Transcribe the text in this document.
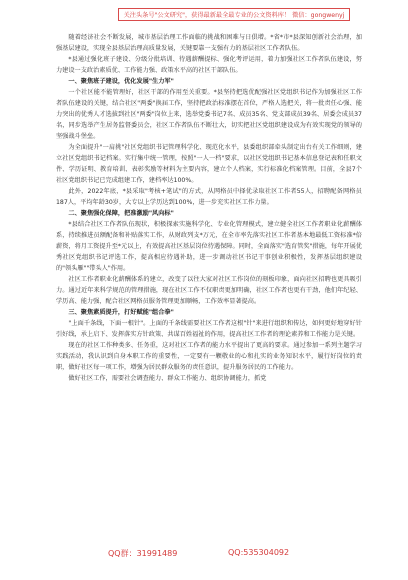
关注头条号"公文研究"，获得最新最全最专业的公文资料库！ 微信：gongwenyj

随着经济社会不断发展，城市基层治理工作面临的挑战和困难与日俱增。*省*市*县深知创新社会治理，加强基层建设，实现全县基层治理高质量发展，关键要靠一支强有力的基层社区工作者队伍。

*县通过强化班子建设、分级分批培训、待遇薪酬提标、强化考评运用，着力加强社区工作者队伍建设，努力建设一支政治素质优、工作能力强、政策水平高的社区干部队伍。

一、聚焦班子建设，优化发展"生力军"

一个社区能不能管理好，社区干部的作用至关重要。*县坚持把选优配强社区党组织书记作为加强社区工作者队伍建设的关键，结合社区"两委"换届工作，坚持把政治标准摆在首位，严格人选把关，将一批责任心强、能力突出的优秀人才选拔到社区"两委"岗位上来，选举党委书记7名、成员35名、党支部成员39名、居委会成员37名，同步选举产生居务监督委员会，社区工作者队伍不断壮大，切实把社区党组织建设成为有效实现党的领导的坚强战斗堡垒。

为全面提升"一肩挑"社区党组织书记管理科学化、现范化水平，县委组织部牵头制定出台有关工作细则，建立社区党组织书记档案。实行集中统一管理，按照"一人一档"要求，以社区党组织书记基本信息登记表和任职文件、学历证明、教育培训、表彰奖励等材料为主要内容，建立个人档案，实行标准化档案管理。目前，全县7个社区党组织书记已完成组建工作，建档率达100%。

此外，2022年底，*县采取"考核+笔试"的方式，从网格员中择优录取社区工作者55人，招聘配备网格员187人，平均年龄30岁，大专以上学历达到100%，进一步充实社区工作力量。

二、聚焦强化保障，把准激励"风向标"

*县结合社区工作者队伍现状，积极探索实施科学化、专业化管理模式，建立健全社区工作者职业化薪酬体系，持续推进员额配备和补贴落实工作，从财政列支*万元，在全市率先落实社区工作者基本地最低工资标准*倍薪资，将月工资提升至*元以上，有效提高社区基层岗位待遇保障。同时，全面落实"选育管奖"措施，每年开展优秀社区党组织书记评选工作，提高相应待遇补助，进一步调动社区书记干事创业积极性，发挥基层组织建设的"领头雁""带头人"作用。

社区工作者职业化薪酬体系的建立，改变了以往大家对社区工作岗位的刻板印象，面向社区招聘也更具吸引力。通过近年来科学规范的管理措施，现在社区工作不仅职责更加明确，社区工作者也更有干劲，他们年纪轻、学历高、能力强，配合社区网格员服务管理更加顺畅，工作效率显著提高。

三、聚焦素质提升，打好赋能"组合拳"

"上面千条线，下面一根针"。上面的千条线需要社区工作者这根"针"来进行组织和传达，如何更好地穿好针引好线，承上启下、发挥落实方针政策、共谋百姓福祉的作用，提高社区工作者的理论素养和工作能力是关键。

现在的社区工作种类多、任务重，这对社区工作者的能力水平提出了更高的要求。通过参加一系列主题学习实践活动，我认识到自身本职工作的重要性，一定要有一颗敬业的心和扎实的业务知识水平，履行好岗位的责职，做好社区每一项工作，增强为居民群众服务的责任意识，提升服务居民的工作能力。

做好社区工作，需要社会调查能力、群众工作能力、组织协调能力，抓党

QQ群：31991489	QQ:535304092
